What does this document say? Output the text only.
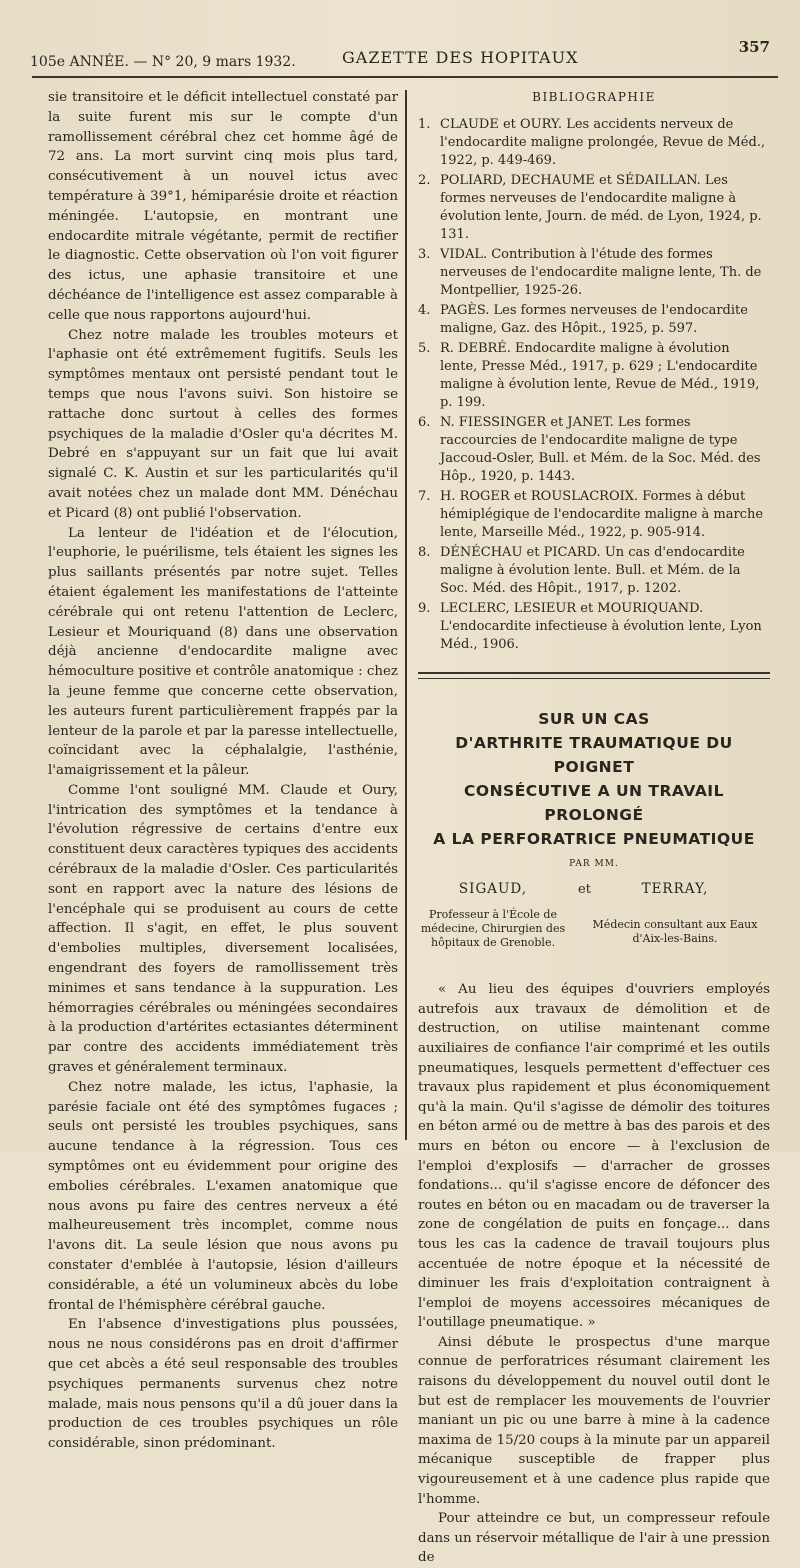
105e ANNÉE. — N° 20, 9 mars 1932.	GAZETTE DES HOPITAUX
357

sie transitoire et le déficit intellectuel constaté par la suite furent mis sur le compte d'un ramollissement cérébral chez cet homme âgé de 72 ans. La mort survint cinq mois plus tard, consécutivement à un nouvel ictus avec température à 39°1, hémiparésie droite et réaction méningée. L'autopsie, en montrant une endocardite mitrale végétante, permit de rectifier le diagnostic. Cette observation où l'on voit figurer des ictus, une aphasie transitoire et une déchéance de l'intelligence est assez comparable à celle que nous rapportons aujourd'hui.

Chez notre malade les troubles moteurs et l'aphasie ont été extrêmement fugitifs. Seuls les symptômes mentaux ont persisté pendant tout le temps que nous l'avons suivi. Son histoire se rattache donc surtout à celles des formes psychiques de la maladie d'Osler qu'a décrites M. Debré en s'appuyant sur un fait que lui avait signalé C. K. Austin et sur les particularités qu'il avait notées chez un malade dont MM. Dénéchau et Picard (8) ont publié l'observation.

La lenteur de l'idéation et de l'élocution, l'euphorie, le puérilisme, tels étaient les signes les plus saillants présentés par notre sujet. Telles étaient également les manifestations de l'atteinte cérébrale qui ont retenu l'attention de Leclerc, Lesieur et Mouriquand (8) dans une observation déjà ancienne d'endocardite maligne avec hémoculture positive et contrôle anatomique : chez la jeune femme que concerne cette observation, les auteurs furent particulièrement frappés par la lenteur de la parole et par la paresse intellectuelle, coïncidant avec la céphalalgie, l'asthénie, l'amaigrissement et la pâleur.

Comme l'ont souligné MM. Claude et Oury, l'intrication des symptômes et la tendance à l'évolution régressive de certains d'entre eux constituent deux caractères typiques des accidents cérébraux de la maladie d'Osler. Ces particularités sont en rapport avec la nature des lésions de l'encéphale qui se produisent au cours de cette affection. Il s'agit, en effet, le plus souvent d'embolies multiples, diversement localisées, engendrant des foyers de ramollissement très minimes et sans tendance à la suppuration. Les hémorragies cérébrales ou méningées secondaires à la production d'artérites ectasiantes déterminent par contre des accidents immédiatement très graves et généralement terminaux.

Chez notre malade, les ictus, l'aphasie, la parésie faciale ont été des symptômes fugaces ; seuls ont persisté les troubles psychiques, sans aucune tendance à la régression. Tous ces symptômes ont eu évidemment pour origine des embolies cérébrales. L'examen anatomique que nous avons pu faire des centres nerveux a été malheureusement très incomplet, comme nous l'avons dit. La seule lésion que nous avons pu constater d'emblée à l'autopsie, lésion d'ailleurs considérable, a été un volumineux abcès du lobe frontal de l'hémisphère cérébral gauche.

En l'absence d'investigations plus poussées, nous ne nous considérons pas en droit d'affirmer que cet abcès a été seul responsable des troubles psychiques permanents survenus chez notre malade, mais nous pensons qu'il a dû jouer dans la production de ces troubles psychiques un rôle considérable, sinon prédominant.

BIBLIOGRAPHIE
1. CLAUDE et OURY. Les accidents nerveux de l'endocardite maligne prolongée, Revue de Méd., 1922, p. 449-469.
2. POLIARD, DECHAUME et SÉDAILLAN. Les formes nerveuses de l'endocardite maligne à évolution lente, Journ. de méd. de Lyon, 1924, p. 131.
3. VIDAL. Contribution à l'étude des formes nerveuses de l'endocardite maligne lente, Th. de Montpellier, 1925-26.
4. PAGÈS. Les formes nerveuses de l'endocardite maligne, Gaz. des Hôpit., 1925, p. 597.
5. R. DEBRÉ. Endocardite maligne à évolution lente, Presse Méd., 1917, p. 629 ; L'endocardite maligne à évolution lente, Revue de Méd., 1919, p. 199.
6. N. FIESSINGER et JANET. Les formes raccourcies de l'endocardite maligne de type Jaccoud-Osler, Bull. et Mém. de la Soc. Méd. des Hôp., 1920, p. 1443.
7. H. ROGER et ROUSLACROIX. Formes à début hémiplégique de l'endocardite maligne à marche lente, Marseille Méd., 1922, p. 905-914.
8. DÉNÉCHAU et PICARD. Un cas d'endocardite maligne à évolution lente. Bull. et Mém. de la Soc. Méd. des Hôpit., 1917, p. 1202.
9. LECLERC, LESIEUR et MOURIQUAND. L'endocardite infectieuse à évolution lente, Lyon Méd., 1906.

SUR UN CAS

D'ARTHRITE TRAUMATIQUE DU POIGNET

CONSÉCUTIVE A UN TRAVAIL PROLONGÉ

A LA PERFORATRICE PNEUMATIQUE

PAR MM.
SIGAUD,
Professeur à l'École de médecine, Chirurgien des hôpitaux de Grenoble.
et	TERRAY,
Médecin consultant aux Eaux d'Aix-les-Bains.

« Au lieu des équipes d'ouvriers employés autrefois aux travaux de démolition et de destruction, on utilise maintenant comme auxiliaires de confiance l'air comprimé et les outils pneumatiques, lesquels permettent d'effectuer ces travaux plus rapidement et plus économiquement qu'à la main. Qu'il s'agisse de démolir des toitures en béton armé ou de mettre à bas des parois et des murs en béton ou encore — à l'exclusion de l'emploi d'explosifs — d'arracher de grosses fondations... qu'il s'agisse encore de défoncer des routes en béton ou en macadam ou de traverser la zone de congélation de puits en fonçage... dans tous les cas la cadence de travail toujours plus accentuée de notre époque et la nécessité de diminuer les frais d'exploitation contraignent à l'emploi de moyens accessoires mécaniques de l'outillage pneumatique. »

Ainsi débute le prospectus d'une marque connue de perforatrices résumant clairement les raisons du développement du nouvel outil dont le but est de remplacer les mouvements de l'ouvrier maniant un pic ou une barre à mine à la cadence maxima de 15/20 coups à la minute par un appareil mécanique susceptible de frapper plus vigoureusement et à une cadence plus rapide que l'homme.

Pour atteindre ce but, un compresseur refoule dans un réservoir métallique de l'air à une pression de
